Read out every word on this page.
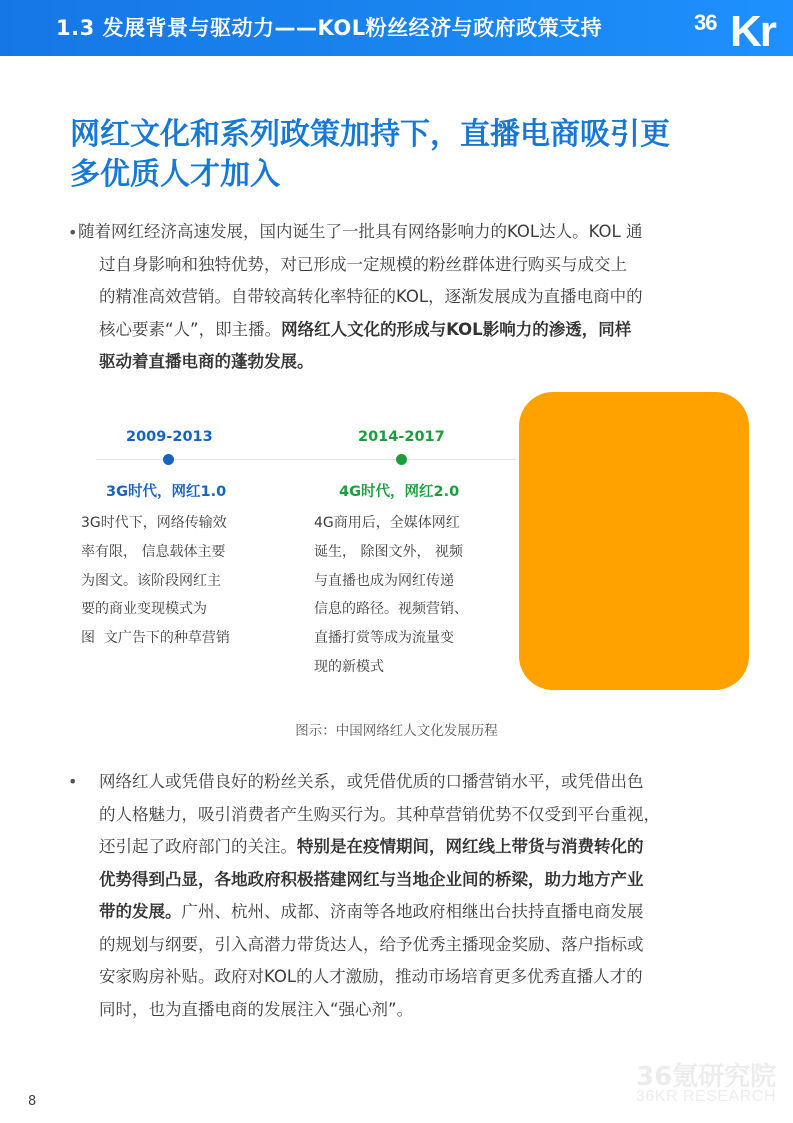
1.3 发展背景与驱动力——KOL粉丝经济与政府政策支持	36 Kr
网红文化和系列政策加持下，直播电商吸引更
多优质人才加入
• 随着网红经济高速发展，国内诞生了一批具有网络影响力的KOL达人。KOL 通
过自身影响和独特优势，对已形成一定规模的粉丝群体进行购买与成交上
的精准高效营销。自带较高转化率特征的KOL，逐渐发展成为直播电商中的
核心要素“人”，即主播。网络红人文化的形成与KOL影响力的渗透，同样
驱动着直播电商的蓬勃发展。
2009-2013
3G时代，网红1.0
3G时代下，网络传输效
率有限， 信息载体主要
为图文。该阶段网红主
要的商业变现模式为
图  文广告下的种草营销
2014-2017
4G时代，网红2.0
4G商用后，全媒体网红
诞生， 除图文外， 视频
与直播也成为网红传递
信息的路径。视频营销、
直播打赏等成为流量变
现的新模式
图示：中国网络红人文化发展历程
• 网络红人或凭借良好的粉丝关系，或凭借优质的口播营销水平，或凭借出色
的人格魅力，吸引消费者产生购买行为。其种草营销优势不仅受到平台重视，
还引起了政府部门的关注。特别是在疫情期间，网红线上带货与消费转化的
优势得到凸显，各地政府积极搭建网红与当地企业间的桥梁，助力地方产业
带的发展。广州、杭州、成都、济南等各地政府相继出台扶持直播电商发展
的规划与纲要，引入高潜力带货达人，给予优秀主播现金奖励、落户指标或
安家购房补贴。政府对KOL的人才激励，推动市场培育更多优秀直播人才的
同时，也为直播电商的发展注入“强心剂”。
8
36氪研究院
36KR RESEARCH
